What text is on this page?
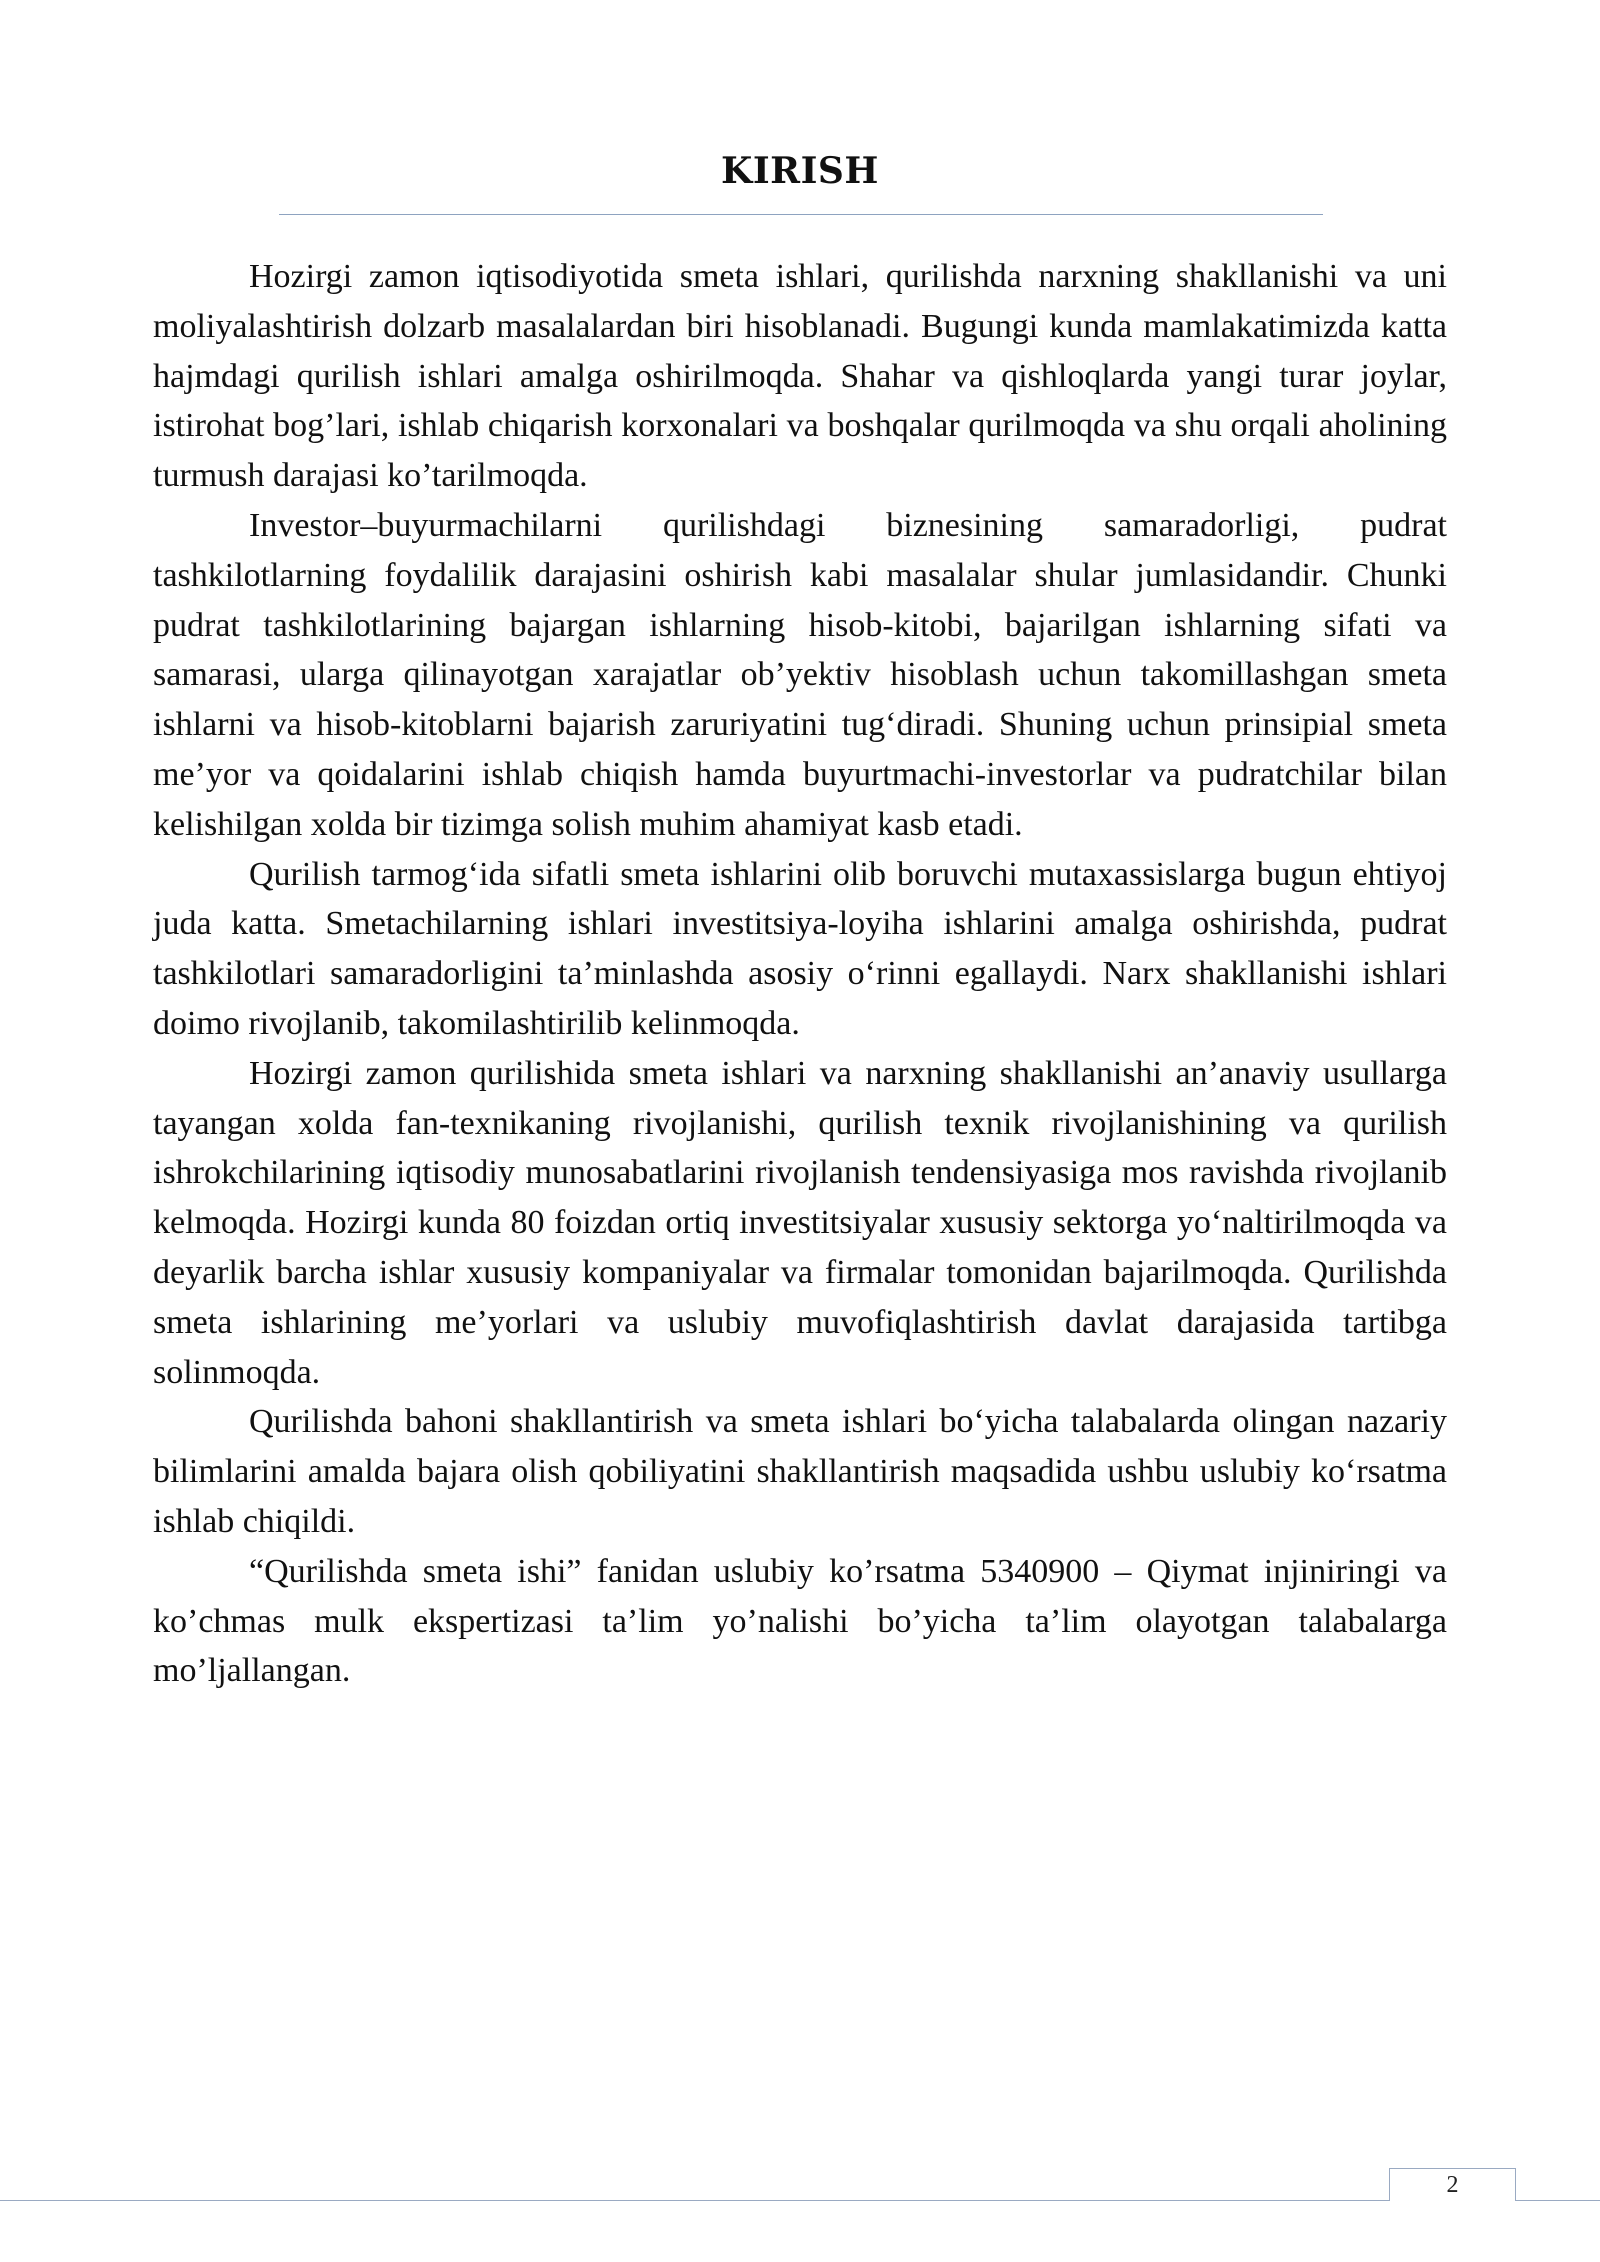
KIRISH

Hozirgi zamon iqtisodiyotida smeta ishlari, qurilishda narxning shakllanishi va uni moliyalashtirish dolzarb masalalardan biri hisoblanadi. Bugungi kunda mamlakatimizda katta hajmdagi qurilish ishlari amalga oshirilmoqda. Shahar va qishloqlarda yangi turar joylar, istirohat bog’lari, ishlab chiqarish korxonalari va boshqalar qurilmoqda va shu orqali aholining turmush darajasi ko’tarilmoqda.

Investor–buyurmachilarni qurilishdagi biznesining samaradorligi, pudrat tashkilotlarning foydalilik darajasini oshirish kabi masalalar shular jumlasidandir. Chunki pudrat tashkilotlarining bajargan ishlarning hisob-kitobi, bajarilgan ishlarning sifati va samarasi, ularga qilinayotgan xarajatlar ob’yektiv hisoblash uchun takomillashgan smeta ishlarni va hisob-kitoblarni bajarish zaruriyatini tug‘diradi. Shuning uchun prinsipial smeta me’yor va qoidalarini ishlab chiqish hamda buyurtmachi-investorlar va pudratchilar bilan kelishilgan xolda bir tizimga solish muhim ahamiyat kasb etadi.

Qurilish tarmog‘ida sifatli smeta ishlarini olib boruvchi mutaxassislarga bugun ehtiyoj juda katta. Smetachilarning ishlari investitsiya-loyiha ishlarini amalga oshirishda, pudrat tashkilotlari samaradorligini ta’minlashda asosiy o‘rinni egallaydi. Narx shakllanishi ishlari doimo rivojlanib, takomilashtirilib kelinmoqda.

Hozirgi zamon qurilishida smeta ishlari va narxning shakllanishi an’anaviy usullarga tayangan xolda fan-texnikaning rivojlanishi, qurilish texnik rivojlanishining va qurilish ishrokchilarining iqtisodiy munosabatlarini rivojlanish tendensiyasiga mos ravishda rivojlanib kelmoqda. Hozirgi kunda 80 foizdan ortiq investitsiyalar xususiy sektorga yo‘naltirilmoqda va deyarlik barcha ishlar xususiy kompaniyalar va firmalar tomonidan bajarilmoqda. Qurilishda smeta ishlarining me’yorlari va uslubiy muvofiqlashtirish davlat darajasida tartibga solinmoqda.

Qurilishda bahoni shakllantirish va smeta ishlari bo‘yicha talabalarda olingan nazariy bilimlarini amalda bajara olish qobiliyatini shakllantirish maqsadida ushbu uslubiy ko‘rsatma ishlab chiqildi.

“Qurilishda smeta ishi” fanidan uslubiy ko’rsatma 5340900 – Qiymat injiniringi va ko’chmas mulk ekspertizasi ta’lim yo’nalishi bo’yicha ta’lim olayotgan talabalarga mo’ljallangan.

2
